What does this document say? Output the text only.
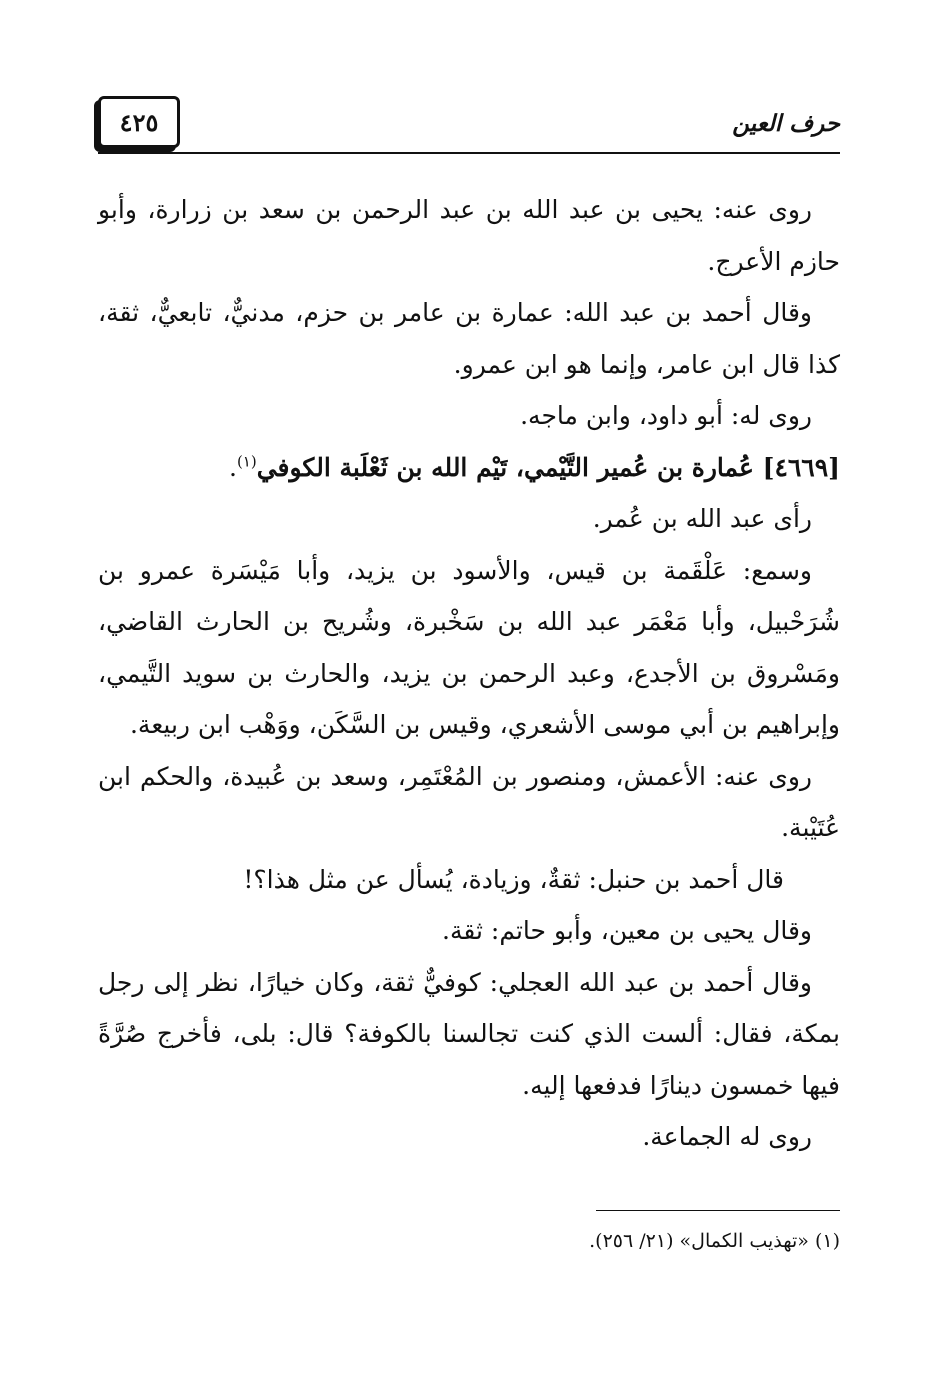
٤٢٥	حرف العين

روى عنه: يحيى بن عبد الله بن عبد الرحمن بن سعد بن زرارة، وأبو حازم الأعرج.

وقال أحمد بن عبد الله: عمارة بن عامر بن حزم، مدنيٌّ، تابعيٌّ، ثقة، كذا قال ابن عامر، وإنما هو ابن عمرو.

روى له: أبو داود، وابن ماجه.

[٤٦٦٩] عُمارة بن عُمير التَّيْمي، تَيْم الله بن ثَعْلَبة الكوفي$^{(١)}$.

رأى عبد الله بن عُمر.

وسمع: عَلْقَمة بن قيس، والأسود بن يزيد، وأبا مَيْسَرة عمرو بن شُرَحْبيل، وأبا مَعْمَر عبد الله بن سَخْبرة، وشُريح بن الحارث القاضي، ومَسْروق بن الأجدع، وعبد الرحمن بن يزيد، والحارث بن سويد التَّيمي، وإبراهيم بن أبي موسى الأشعري، وقيس بن السَّكَن، ووَهْب ابن ربيعة.

روى عنه: الأعمش، ومنصور بن المُعْتَمِر، وسعد بن عُبيدة، والحكم ابن عُتَيْبة.

قال أحمد بن حنبل: ثقةٌ، وزيادة، يُسأل عن مثل هذا؟!

وقال يحيى بن معين، وأبو حاتم: ثقة.

وقال أحمد بن عبد الله العجلي: كوفيٌّ ثقة، وكان خيارًا، نظر إلى رجل بمكة، فقال: ألست الذي كنت تجالسنا بالكوفة؟ قال: بلى، فأخرج صُرَّةً فيها خمسون دينارًا فدفعها إليه.

روى له الجماعة.

(١) «تهذيب الكمال» (٢١/ ٢٥٦).
